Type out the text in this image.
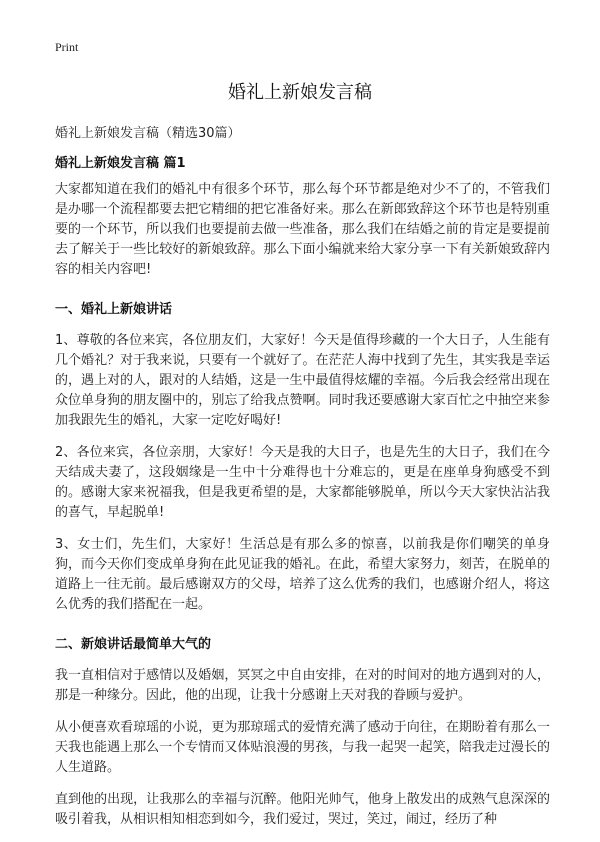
Print
婚礼上新娘发言稿
婚礼上新娘发言稿（精选30篇）
婚礼上新娘发言稿 篇1

大家都知道在我们的婚礼中有很多个环节，那么每个环节都是绝对少不了的，不管我们是办哪一个流程都要去把它精细的把它准备好来。那么在新郎致辞这个环节也是特别重要的一个环节，所以我们也要提前去做一些准备，那么我们在结婚之前的肯定是要提前去了解关于一些比较好的新娘致辞。那么下面小编就来给大家分享一下有关新娘致辞内容的相关内容吧!

一、婚礼上新娘讲话

1、尊敬的各位来宾，各位朋友们，大家好！今天是值得珍藏的一个大日子，人生能有几个婚礼？对于我来说，只要有一个就好了。在茫茫人海中找到了先生，其实我是幸运的，遇上对的人，跟对的人结婚，这是一生中最值得炫耀的幸福。今后我会经常出现在众位单身狗的朋友圈中的，别忘了给我点赞啊。同时我还要感谢大家百忙之中抽空来参加我跟先生的婚礼，大家一定吃好喝好!

2、各位来宾，各位亲朋，大家好！今天是我的大日子，也是先生的大日子，我们在今天结成夫妻了，这段姻缘是一生中十分难得也十分难忘的，更是在座单身狗感受不到的。感谢大家来祝福我，但是我更希望的是，大家都能够脱单，所以今天大家快沾沾我的喜气，早起脱单!

3、女士们，先生们，大家好！生活总是有那么多的惊喜，以前我是你们嘲笑的单身狗，而今天你们变成单身狗在此见证我的婚礼。在此，希望大家努力，刻苦，在脱单的道路上一往无前。最后感谢双方的父母，培养了这么优秀的我们，也感谢介绍人，将这么优秀的我们搭配在一起。

二、新娘讲话最简单大气的

我一直相信对于感情以及婚姻，冥冥之中自由安排，在对的时间对的地方遇到对的人，那是一种缘分。因此，他的出现，让我十分感谢上天对我的眷顾与爱护。

从小便喜欢看琼瑶的小说，更为那琼瑶式的爱情充满了感动于向往，在期盼着有那么一天我也能遇上那么一个专情而又体贴浪漫的男孩，与我一起哭一起笑，陪我走过漫长的人生道路。

直到他的出现，让我那么的幸福与沉醉。他阳光帅气，他身上散发出的成熟气息深深的吸引着我，从相识相知相恋到如今，我们爱过，哭过，笑过，闹过，经历了种
